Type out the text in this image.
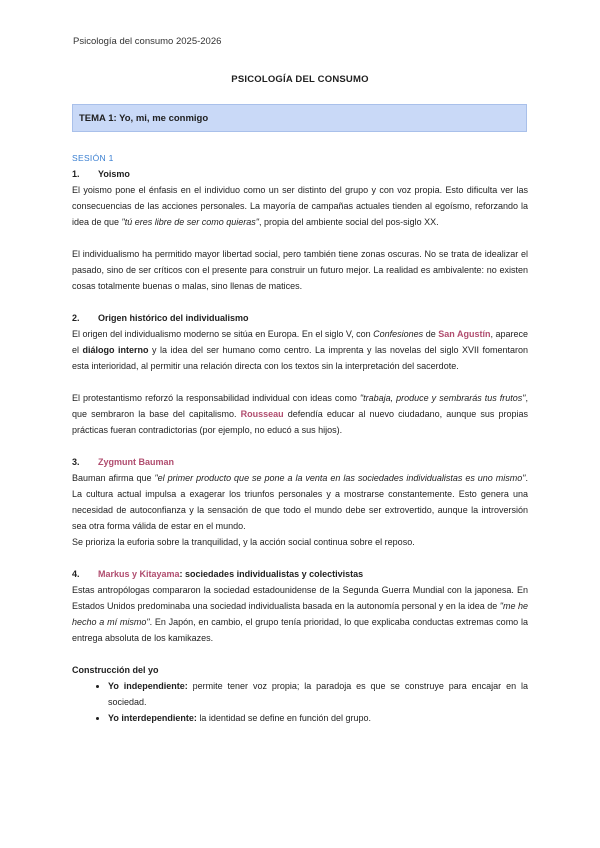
Psicología del consumo 2025-2026
PSICOLOGÍA DEL CONSUMO
TEMA 1: Yo, mi, me conmigo
SESIÓN 1
1. Yoismo

El yoismo pone el énfasis en el individuo como un ser distinto del grupo y con voz propia. Esto dificulta ver las consecuencias de las acciones personales. La mayoría de campañas actuales tienden al egoísmo, reforzando la idea de que "tú eres libre de ser como quieras", propia del ambiente social del pos-siglo XX.

El individualismo ha permitido mayor libertad social, pero también tiene zonas oscuras. No se trata de idealizar el pasado, sino de ser críticos con el presente para construir un futuro mejor. La realidad es ambivalente: no existen cosas totalmente buenas o malas, sino llenas de matices.

2. Origen histórico del individualismo

El origen del individualismo moderno se sitúa en Europa. En el siglo V, con Confesiones de San Agustín, aparece el diálogo interno y la idea del ser humano como centro. La imprenta y las novelas del siglo XVII fomentaron esta interioridad, al permitir una relación directa con los textos sin la interpretación del sacerdote.

El protestantismo reforzó la responsabilidad individual con ideas como "trabaja, produce y sembrarás tus frutos", que sembraron la base del capitalismo. Rousseau defendía educar al nuevo ciudadano, aunque sus propias prácticas fueran contradictorias (por ejemplo, no educó a sus hijos).

3. Zygmunt Bauman

Bauman afirma que "el primer producto que se pone a la venta en las sociedades individualistas es uno mismo". La cultura actual impulsa a exagerar los triunfos personales y a mostrarse constantemente. Esto genera una necesidad de autoconfianza y la sensación de que todo el mundo debe ser extrovertido, aunque la introversión sea otra forma válida de estar en el mundo.

Se prioriza la euforia sobre la tranquilidad, y la acción social continua sobre el reposo.

4. Markus y Kitayama: sociedades individualistas y colectivistas

Estas antropólogas compararon la sociedad estadounidense de la Segunda Guerra Mundial con la japonesa. En Estados Unidos predominaba una sociedad individualista basada en la autonomía personal y en la idea de "me he hecho a mí mismo". En Japón, en cambio, el grupo tenía prioridad, lo que explicaba conductas extremas como la entrega absoluta de los kamikazes.

Construcción del yo
• Yo independiente: permite tener voz propia; la paradoja es que se construye para encajar en la sociedad.
• Yo interdependiente: la identidad se define en función del grupo.
